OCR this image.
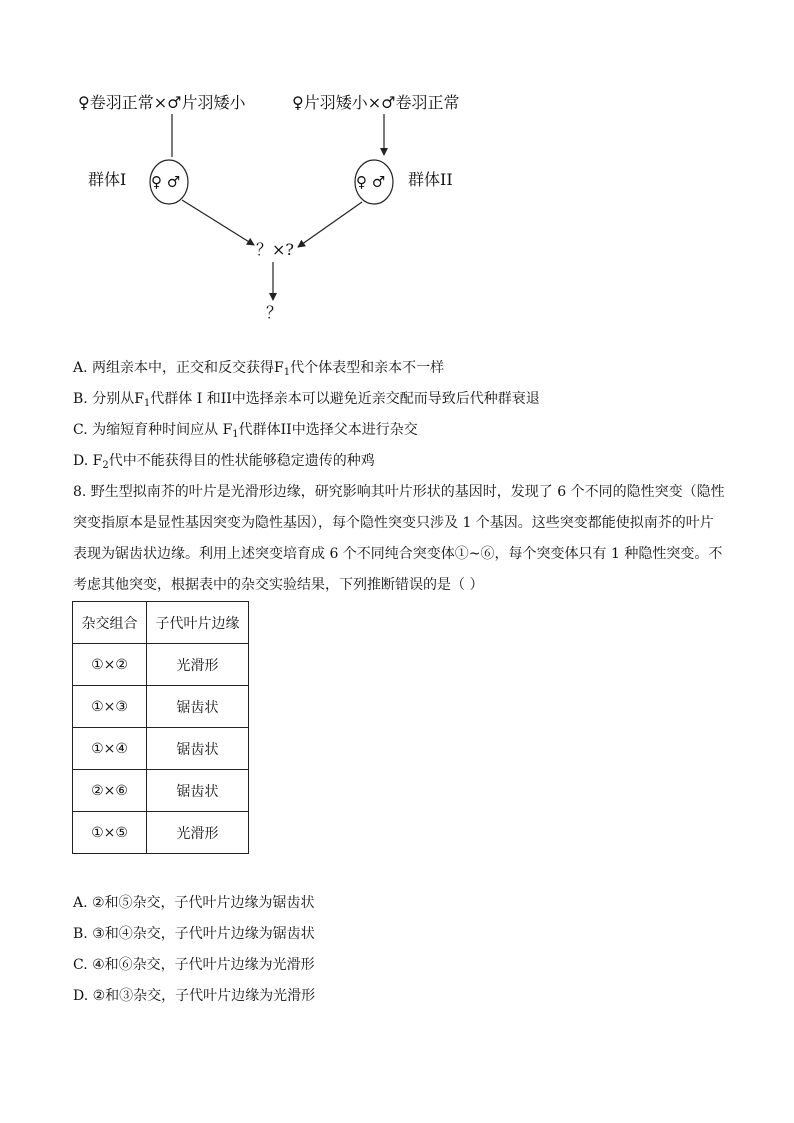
♀卷羽正常×♂片羽矮小	♀片羽矮小×♂卷羽正常
群体I ♀ ♂	♀ ♂ 群体II
？×?
？
A. 两组亲本中，正交和反交获得$F_1$代个体表型和亲本不一样
B. 分别从$F_1$代群体 I 和II中选择亲本可以避免近亲交配而导致后代种群衰退
C. 为缩短育种时间应从 $F_1$代群体II中选择父本进行杂交
D. $F_2$代中不能获得目的性状能够稳定遗传的种鸡
8. 野生型拟南芥的叶片是光滑形边缘，研究影响其叶片形状的基因时，发现了 6 个不同的隐性突变（隐性
突变指原本是显性基因突变为隐性基因），每个隐性突变只涉及 1 个基因。这些突变都能使拟南芥的叶片
表现为锯齿状边缘。利用上述突变培育成 6 个不同纯合突变体①~⑥，每个突变体只有 1 种隐性突变。不
考虑其他突变，根据表中的杂交实验结果，下列推断错误的是（ ）
杂交组合	子代叶片边缘
①×②	光滑形
①×③	锯齿状
①×④	锯齿状
②×⑥	锯齿状
①×⑤	光滑形
A. ②和⑤杂交，子代叶片边缘为锯齿状
B. ③和④杂交，子代叶片边缘为锯齿状
C. ④和⑥杂交，子代叶片边缘为光滑形
D. ②和③杂交，子代叶片边缘为光滑形
